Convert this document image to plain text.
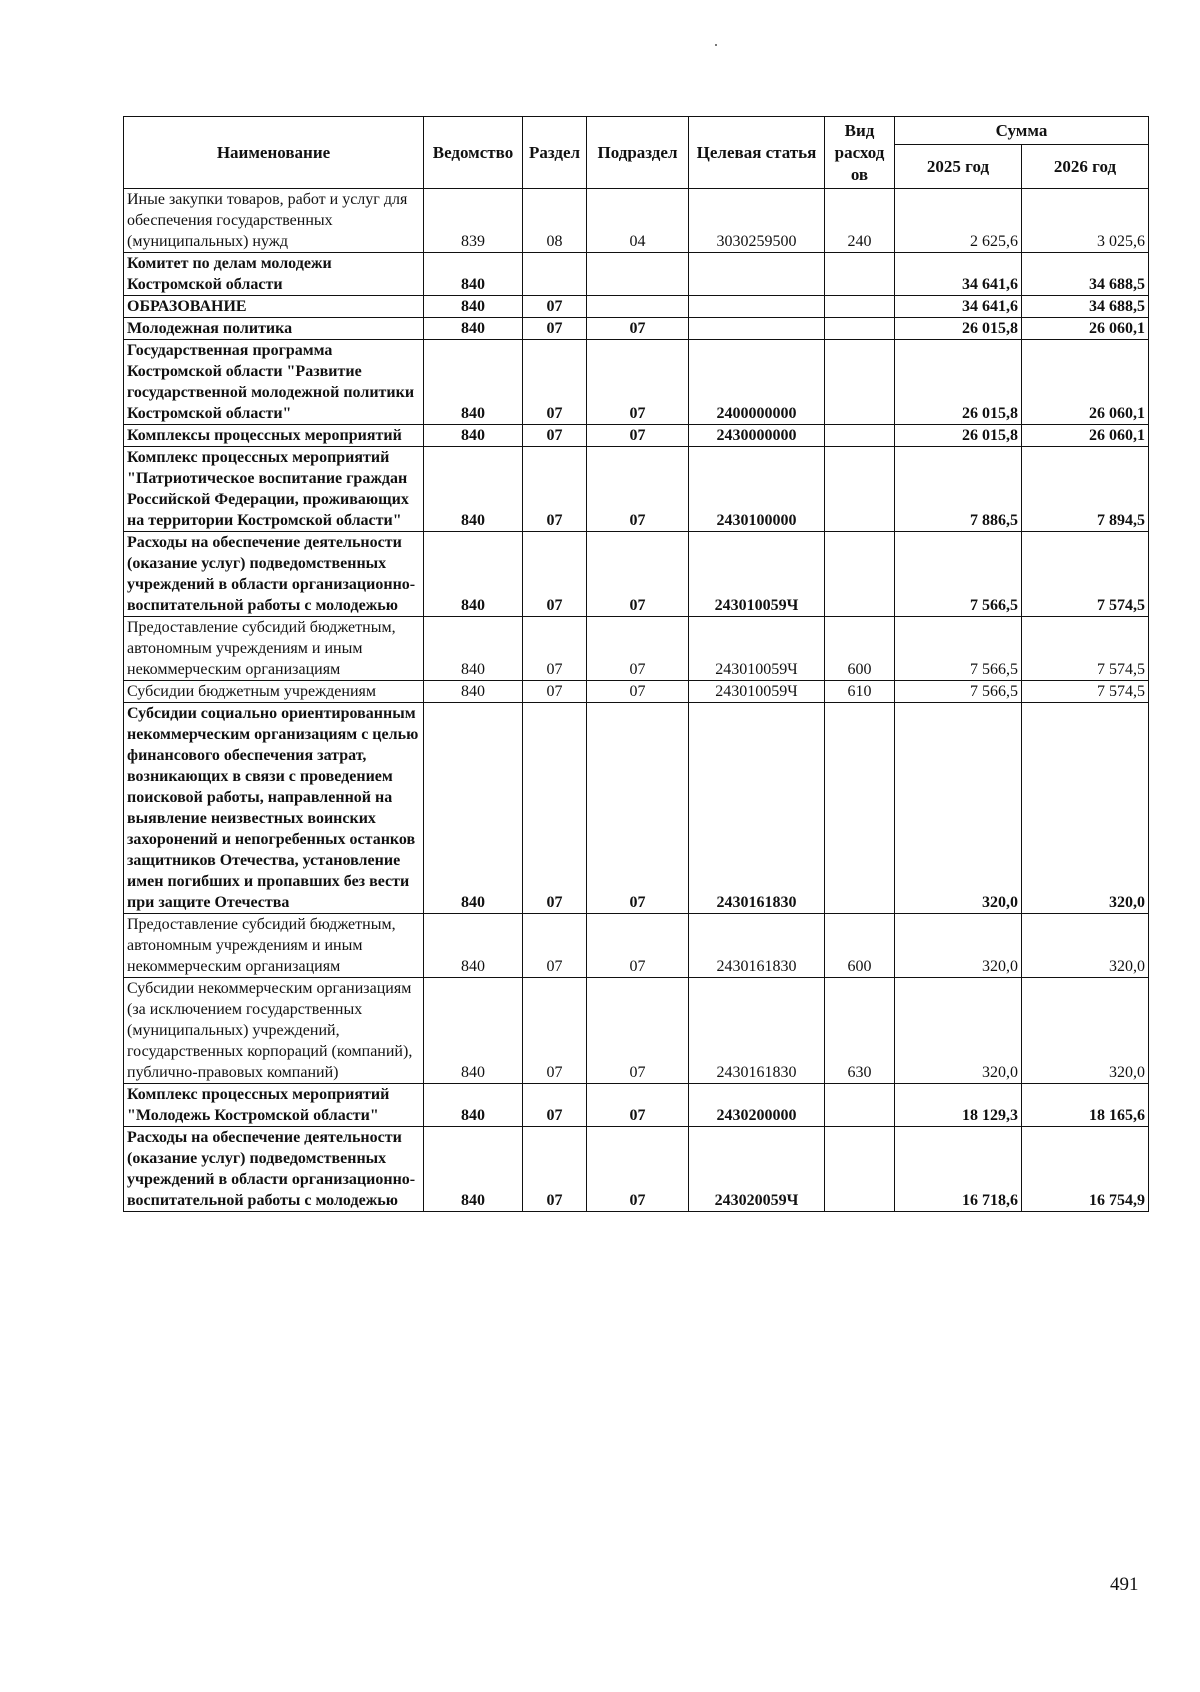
Наименование	Ведомство	Раздел	Подраздел	Целевая статья	Вид расход ов	Сумма	
						2025 год	2026 год
Иные закупки товаров, работ и услуг для обеспечения государственных (муниципальных) нужд	839	08	04	3030259500	240	2 625,6	3 025,6
Комитет по делам молодежи Костромской области	840					34 641,6	34 688,5
ОБРАЗОВАНИЕ	840	07				34 641,6	34 688,5
Молодежная политика	840	07	07			26 015,8	26 060,1
Государственная программа Костромской области "Развитие государственной молодежной политики Костромской области"	840	07	07	2400000000		26 015,8	26 060,1
Комплексы процессных мероприятий	840	07	07	2430000000		26 015,8	26 060,1
Комплекс процессных мероприятий "Патриотическое воспитание граждан Российской Федерации, проживающих на территории Костромской области"	840	07	07	2430100000		7 886,5	7 894,5
Расходы на обеспечение деятельности (оказание услуг) подведомственных учреждений в области организационно-воспитательной работы с молодежью	840	07	07	243010059Ч		7 566,5	7 574,5
Предоставление субсидий бюджетным, автономным учреждениям и иным некоммерческим организациям	840	07	07	243010059Ч	600	7 566,5	7 574,5
Субсидии бюджетным учреждениям	840	07	07	243010059Ч	610	7 566,5	7 574,5
Субсидии социально ориентированным некоммерческим организациям с целью финансового обеспечения затрат, возникающих в связи с проведением поисковой работы, направленной на выявление неизвестных воинских захоронений и непогребенных останков защитников Отечества, установление имен погибших и пропавших без вести при защите Отечества	840	07	07	2430161830		320,0	320,0
Предоставление субсидий бюджетным, автономным учреждениям и иным некоммерческим организациям	840	07	07	2430161830	600	320,0	320,0
Субсидии некоммерческим организациям (за исключением государственных (муниципальных) учреждений, государственных корпораций (компаний), публично-правовых компаний)	840	07	07	2430161830	630	320,0	320,0
Комплекс процессных мероприятий "Молодежь Костромской области"	840	07	07	2430200000		18 129,3	18 165,6
Расходы на обеспечение деятельности (оказание услуг) подведомственных учреждений в области организационно-воспитательной работы с молодежью	840	07	07	243020059Ч		16 718,6	16 754,9
491
